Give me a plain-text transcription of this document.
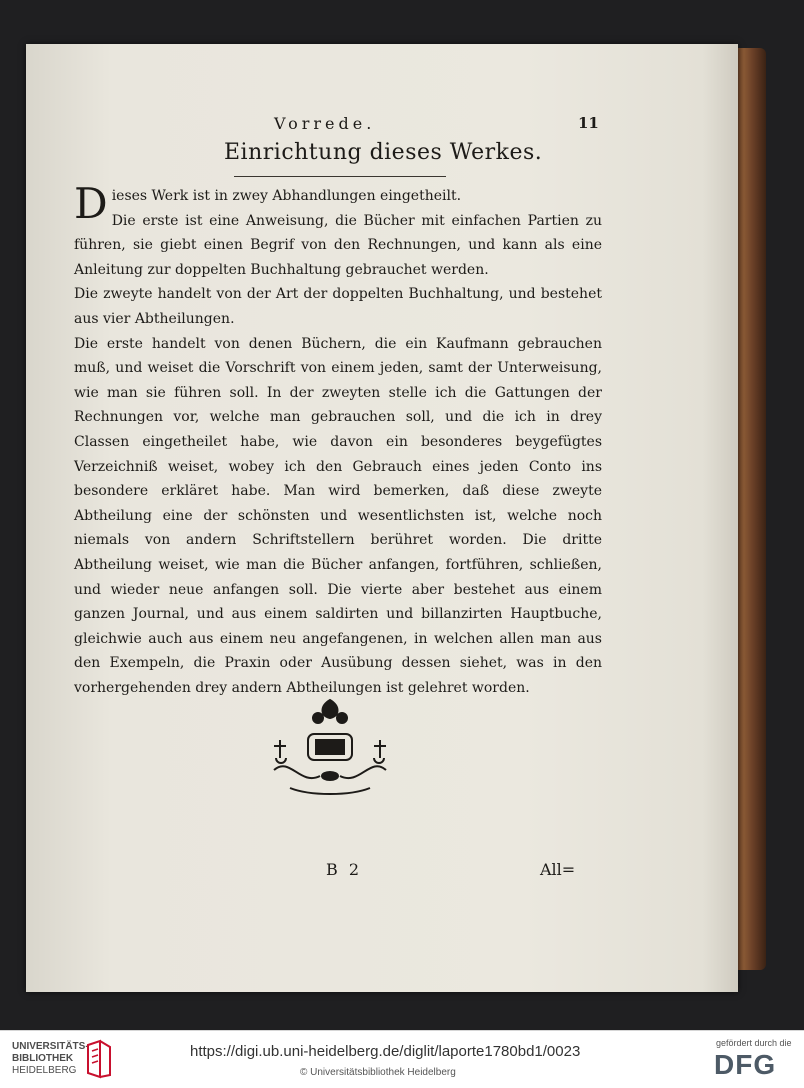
Vorrede.	11
Einrichtung dieses Werkes.

Dieses Werk ist in zwey Abhandlungen eingetheilt.

Die erste ist eine Anweisung, die Bücher mit einfachen Partien zu führen, sie giebt einen Begrif von den Rechnungen, und kann als eine Anleitung zur doppelten Buchhaltung gebrauchet werden.

Die zweyte handelt von der Art der doppelten Buchhaltung, und bestehet aus vier Abtheilungen.

Die erste handelt von denen Büchern, die ein Kaufmann gebrauchen muß, und weiset die Vorschrift von einem jeden, samt der Unterweisung, wie man sie führen soll. In der zweyten stelle ich die Gattungen der Rechnungen vor, welche man gebrauchen soll, und die ich in drey Classen eingetheilet habe, wie davon ein besonderes beygefügtes Verzeichniß weiset, wobey ich den Gebrauch eines jeden Conto ins besondere erkläret habe. Man wird bemerken, daß diese zweyte Abtheilung eine der schönsten und wesentlichsten ist, welche noch niemals von andern Schriftstellern berühret worden. Die dritte Abtheilung weiset, wie man die Bücher anfangen, fortführen, schließen, und wieder neue anfangen soll. Die vierte aber bestehet aus einem ganzen Journal, und aus einem saldirten und billanzirten Hauptbuche, gleichwie auch aus einem neu angefangenen, in welchen allen man aus den Exempeln, die Praxin oder Ausübung dessen siehet, was in den vorhergehenden drey andern Abtheilungen ist gelehret worden.

B 2	All=
UNIVERSITÄTS-
BIBLIOTHEK
HEIDELBERG
https://digi.ub.uni-heidelberg.de/diglit/laporte1780bd1/0023
© Universitätsbibliothek Heidelberg
gefördert durch die
DFG
